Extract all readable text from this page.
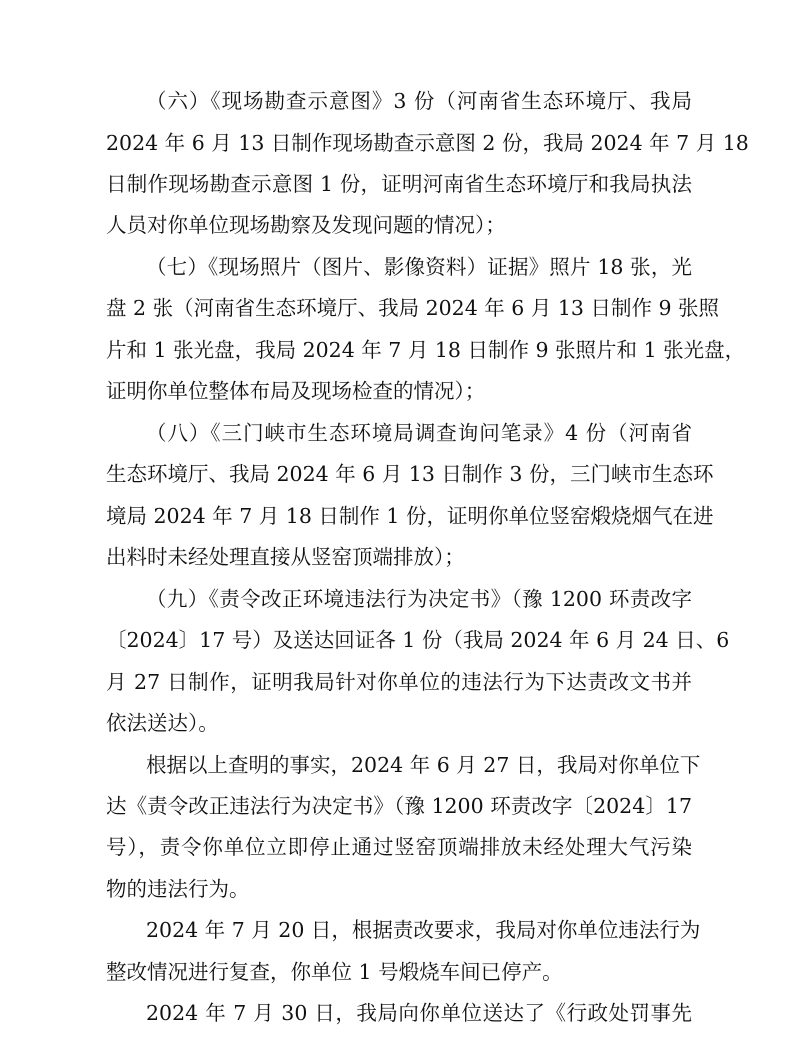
（六）《现场勘查示意图》3 份（河南省生态环境厅、我局
2024 年 6 月 13 日制作现场勘查示意图 2 份，我局 2024 年 7 月 18
日制作现场勘查示意图 1 份，证明河南省生态环境厅和我局执法
人员对你单位现场勘察及发现问题的情况）；
（七）《现场照片（图片、影像资料）证据》照片 18 张，光
盘 2 张（河南省生态环境厅、我局 2024 年 6 月 13 日制作 9 张照
片和 1 张光盘，我局 2024 年 7 月 18 日制作 9 张照片和 1 张光盘，
证明你单位整体布局及现场检查的情况）；
（八）《三门峡市生态环境局调查询问笔录》4 份（河南省
生态环境厅、我局 2024 年 6 月 13 日制作 3 份，三门峡市生态环
境局 2024 年 7 月 18 日制作 1 份，证明你单位竖窑煅烧烟气在进
出料时未经处理直接从竖窑顶端排放）；
（九）《责令改正环境违法行为决定书》（豫 1200 环责改字
〔2024〕17 号）及送达回证各 1 份（我局 2024 年 6 月 24 日、6
月 27 日制作，证明我局针对你单位的违法行为下达责改文书并
依法送达）。
根据以上查明的事实，2024 年 6 月 27 日，我局对你单位下
达《责令改正违法行为决定书》（豫 1200 环责改字〔2024〕17
号），责令你单位立即停止通过竖窑顶端排放未经处理大气污染
物的违法行为。
2024 年 7 月 20 日，根据责改要求，我局对你单位违法行为
整改情况进行复查，你单位 1 号煅烧车间已停产。
2024 年 7 月 30 日，我局向你单位送达了《行政处罚事先
